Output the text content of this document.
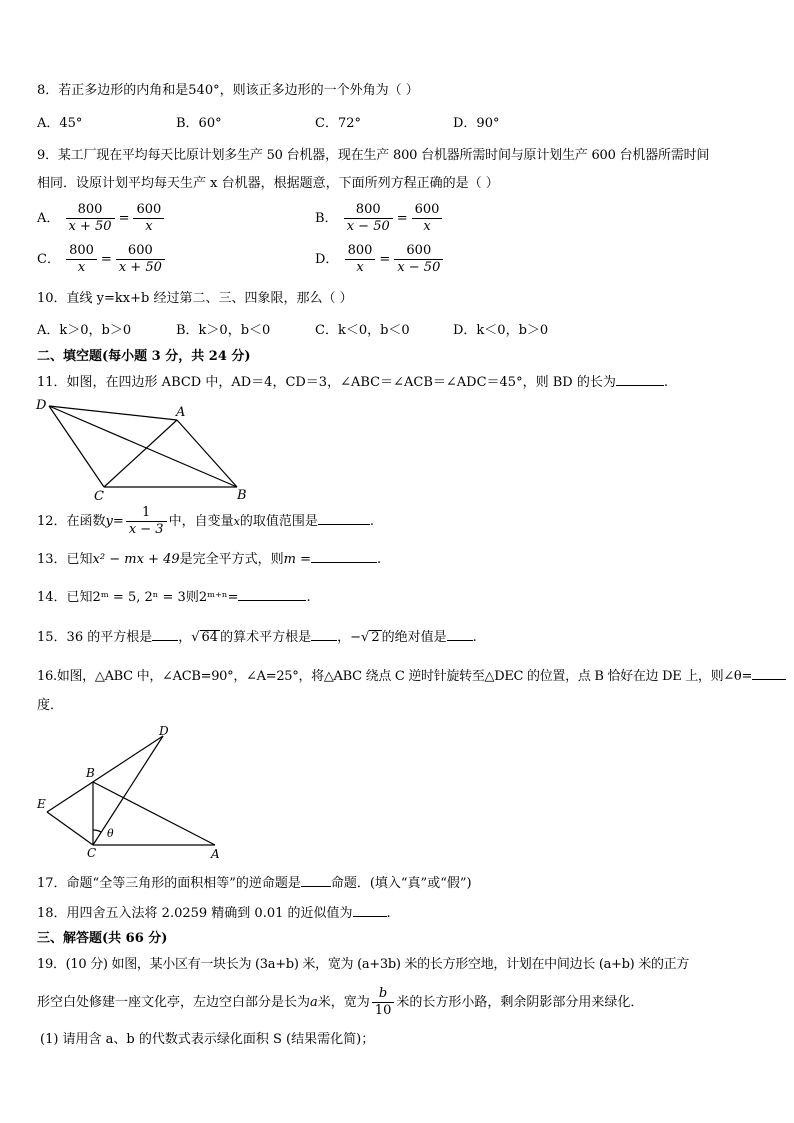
8．若正多边形的内角和是540°，则该正多边形的一个外角为（ ）
A．45°	B．60°	C．72°	D．90°
9．某工厂现在平均每天比原计划多生产 50 台机器，现在生产 800 台机器所需时间与原计划生产 600 台机器所需时间
相同．设原计划平均每天生产 x 台机器，根据题意，下面所列方程正确的是（ ）
A． $\frac{800}{x + 50} = \frac{600}{x}$	B． $\frac{800}{x - 50} = \frac{600}{x}$
C． $\frac{800}{x} = \frac{600}{x + 50}$	D． $\frac{800}{x} = \frac{600}{x - 50}$
10．直线 y=kx+b 经过第二、三、四象限，那么（ ）
A．k＞0，b＞0	B．k＞0，b＜0	C．k＜0，b＜0	D．k＜0，b＞0
二、填空题(每小题 3 分，共 24 分)
11．如图，在四边形 ABCD 中，AD＝4，CD＝3，∠ABC＝∠ACB＝∠ADC＝45°，则 BD 的长为	.
D	A
C	B
12．在函数$y= \frac{1}{x - 3}$ 中，自变量x的取值范围是	.
13．已知x² − mx + 49是完全平方式，则m =	.
14．已知2ᵐ = 5, 2ⁿ = 3则2ᵐ⁺ⁿ=	.
15．36 的平方根是 ，√ 64 的算术平方根是 ，−√ 2 的绝对值是 .
16.如图，△ABC 中，∠ACB=90°，∠A=25°，将△ABC 绕点 C 逆时针旋转至△DEC 的位置，点 B 恰好在边 DE 上，则∠θ=
度．
D
B
E
C	A
θ
17．命题“全等三角形的面积相等”的逆命题是 命题．(填入“真”或“假”)
18．用四舍五入法将 2.0259 精确到 0.01 的近似值为	.
三、解答题(共 66 分)
19．(10 分) 如图，某小区有一块长为 (3a+b) 米，宽为 (a+3b) 米的长方形空地，计划在中间边长 (a+b) 米的正方
形空白处修建一座文化亭，左边空白部分是长为a米，宽为 $\frac{b}{10}$ 米的长方形小路，剩余阴影部分用来绿化．
(1) 请用含 a、b 的代数式表示绿化面积 S (结果需化简)；
